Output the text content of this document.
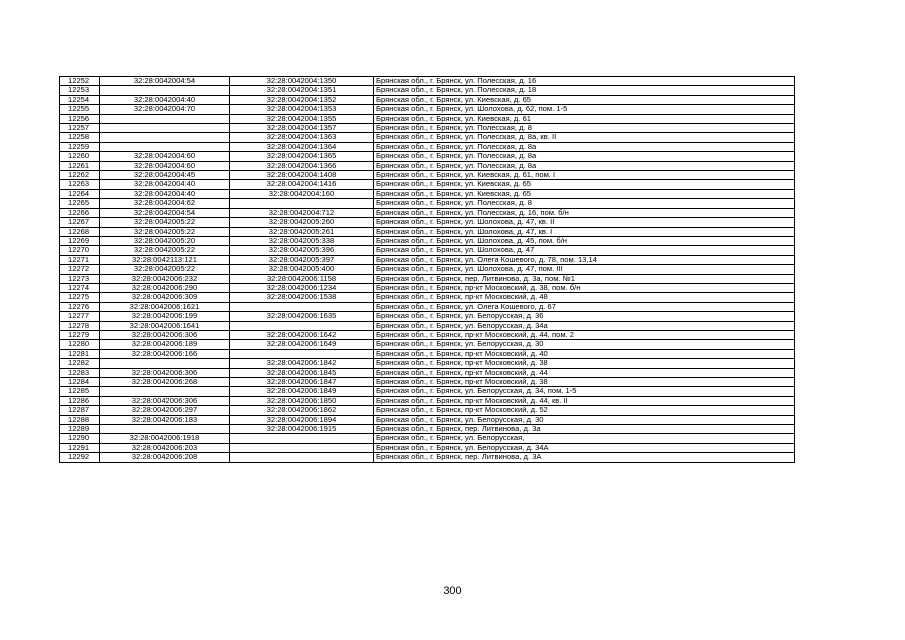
12252	32:28:0042004:54	32:28:0042004:1350	Брянская обл., г. Брянск, ул. Полесская, д. 16
12253		32:28:0042004:1351	Брянская обл., г. Брянск, ул. Полесская, д. 18
12254	32:28:0042004:40	32:28:0042004:1352	Брянская обл., г. Брянск, ул. Киевская, д. 65
12255	32:28:0042004:70	32:28:0042004:1353	Брянская обл., г. Брянск, ул. Шолохова, д. 62, пом. 1-5
12256		32:28:0042004:1355	Брянская обл., г. Брянск, ул. Киевская, д. 61
12257		32:28:0042004:1357	Брянская обл., г. Брянск, ул. Полесская, д. 8
12258		32:28:0042004:1363	Брянская обл., г. Брянск, ул. Полесская, д. 8а, кв. II
12259		32:28:0042004:1364	Брянская обл., г. Брянск, ул. Полесская, д. 8а
12260	32:28:0042004:60	32:28:0042004:1365	Брянская обл., г. Брянск, ул. Полесская, д. 8а
12261	32:28:0042004:60	32:28:0042004:1366	Брянская обл., г. Брянск, ул. Полесская, д. 8а
12262	32:28:0042004:45	32:28:0042004:1408	Брянская обл., г. Брянск, ул. Киевская, д. 61, пом. I
12263	32:28:0042004:40	32:28:0042004:1416	Брянская обл., г. Брянск, ул. Киевская, д. 65
12264	32:28:0042004:40	32:28:0042004:160	Брянская обл., г. Брянск, ул. Киевская, д. 65
12265	32:28:0042004:62		Брянская обл., г. Брянск, ул. Полесская, д. 8
12266	32:28:0042004:54	32:28:0042004:712	Брянская обл., г. Брянск, ул. Полесская, д. 16, пом. б/н
12267	32:28:0042005:22	32:28:0042005:260	Брянская обл., г. Брянск, ул. Шолохова, д. 47, кв. II
12268	32:28:0042005:22	32:28:0042005:261	Брянская обл., г. Брянск, ул. Шолохова, д. 47, кв. I
12269	32:28:0042005:20	32:28:0042005:338	Брянская обл., г. Брянск, ул. Шолохова, д. 45, пом. б/н
12270	32:28:0042005:22	32:28:0042005:396	Брянская обл., г. Брянск, ул. Шолохова, д. 47
12271	32:28:0042113:121	32:28:0042005:397	Брянская обл., г. Брянск, ул. Олега Кошевого, д. 78, пом. 13,14
12272	32:28:0042005:22	32:28:0042005:400	Брянская обл., г. Брянск, ул. Шолохова, д. 47, пом. III
12273	32:28:0042006:232	32:28:0042006:1158	Брянская обл., г. Брянск, пер. Литвинова, д. 3а, пом. №1
12274	32:28:0042006:290	32:28:0042006:1234	Брянская обл., г. Брянск, пр-кт Московский, д. 38, пом. б/н
12275	32:28:0042006:309	32:28:0042006:1538	Брянская обл., г. Брянск, пр-кт Московский, д. 48
12276	32:28:0042006:1621		Брянская обл., г. Брянск, ул. Олега Кошевого, д. 67
12277	32:28:0042006:199	32:28:0042006:1635	Брянская обл., г. Брянск, ул. Белорусская, д. 36
12278	32:28:0042006:1641		Брянская обл., г. Брянск, ул. Белорусская, д. 34а
12279	32:28:0042006:306	32:28:0042006:1642	Брянская обл., г. Брянск, пр-кт Московский, д. 44, пом. 2
12280	32:28:0042006:189	32:28:0042006:1649	Брянская обл., г. Брянск, ул. Белорусская, д. 30
12281	32:28:0042006:166		Брянская обл., г. Брянск, пр-кт Московский, д. 40
12282		32:28:0042006:1842	Брянская обл., г. Брянск, пр-кт Московский, д. 38
12283	32:28:0042006:306	32:28:0042006:1845	Брянская обл., г. Брянск, пр-кт Московский, д. 44
12284	32:28:0042006:268	32:28:0042006:1847	Брянская обл., г. Брянск, пр-кт Московский, д. 38
12285		32:28:0042006:1849	Брянская обл., г. Брянск, ул. Белорусская, д. 34, пом. 1-5
12286	32:28:0042006:306	32:28:0042006:1850	Брянская обл., г. Брянск, пр-кт Московский, д. 44, кв. II
12287	32:28:0042006:297	32:28:0042006:1862	Брянская обл., г. Брянск, пр-кт Московский, д. 52
12288	32:28:0042006:183	32:28:0042006:1894	Брянская обл., г. Брянск, ул. Белорусская, д. 30
12289		32:28:0042006:1915	Брянская обл., г. Брянск, пер. Литвинова, д. 3а
12290	32:28:0042006:1918		Брянская обл., г. Брянск, ул. Белорусская,
12291	32:28:0042006:203		Брянская обл., г. Брянск, ул. Белорусская, д. 34А
12292	32:28:0042006:208		Брянская обл., г. Брянск, пер. Литвинова, д. 3А
300
